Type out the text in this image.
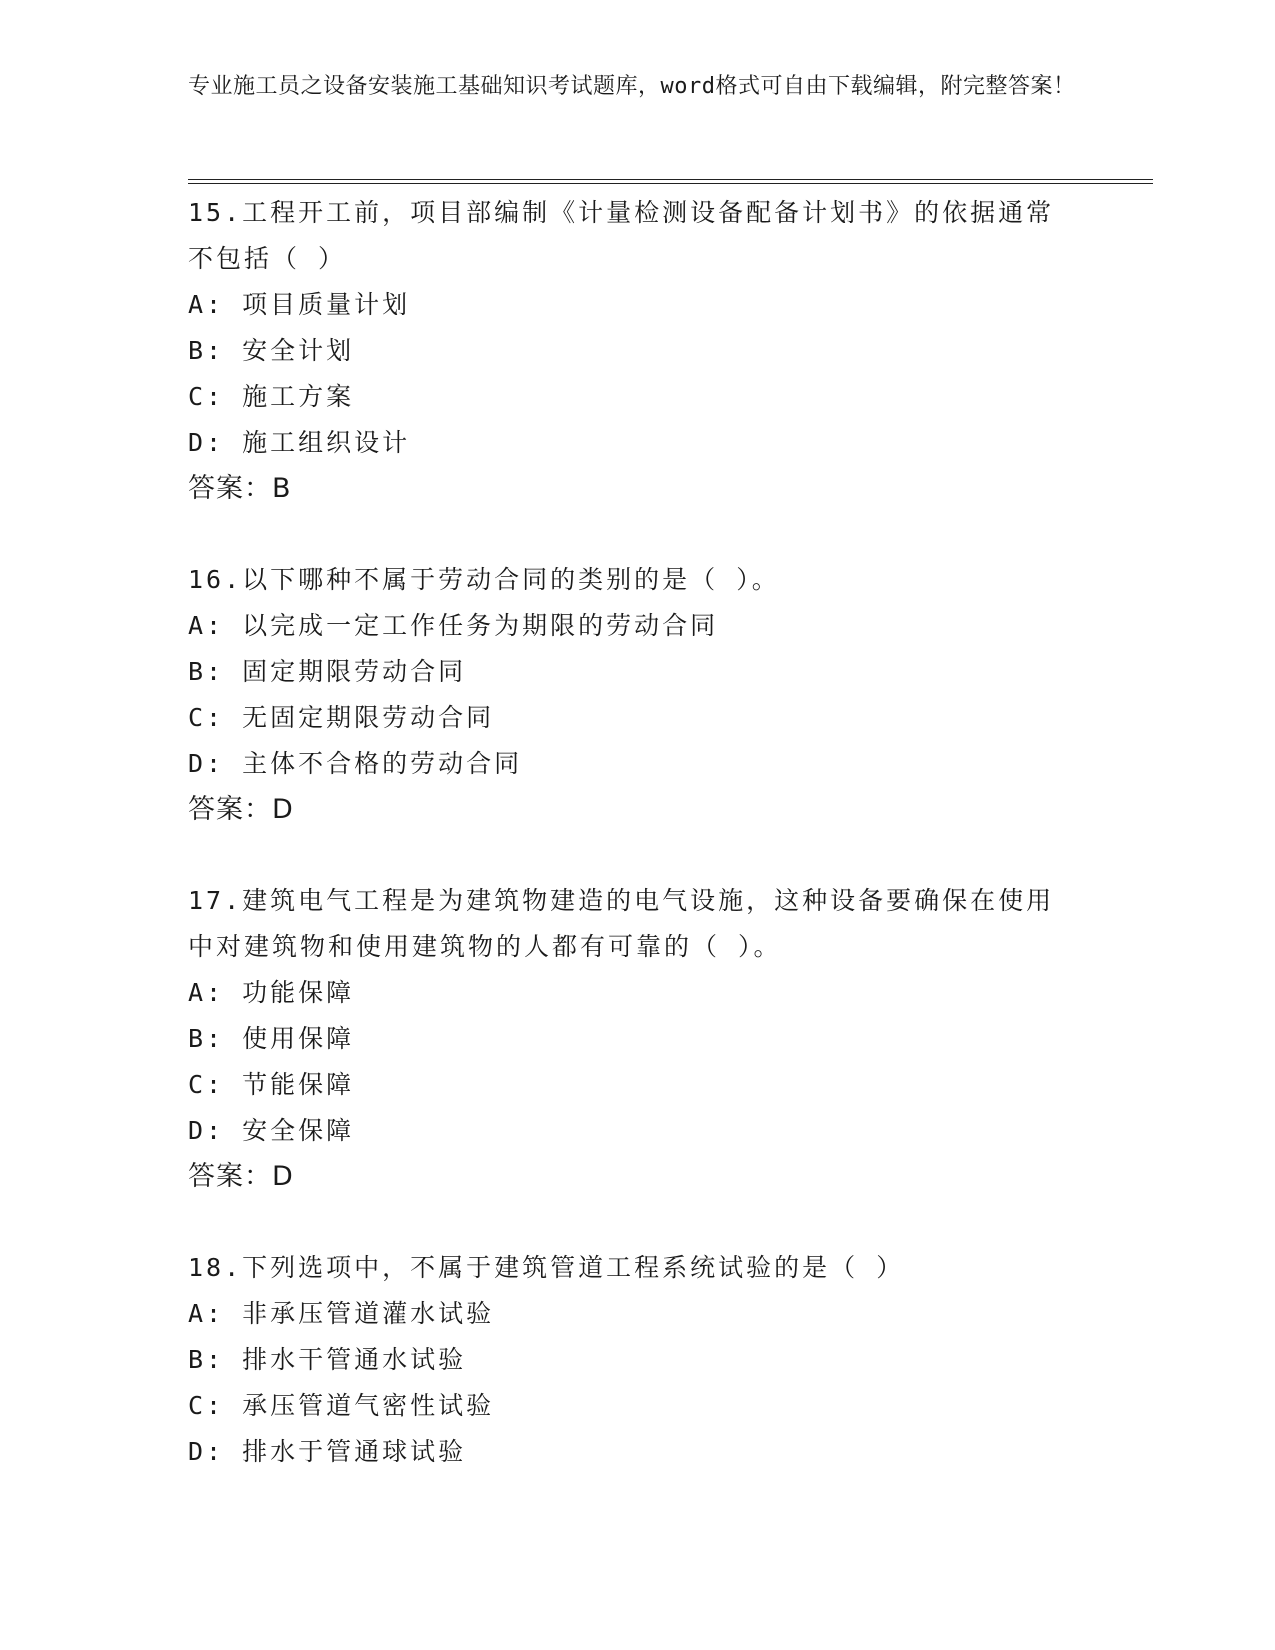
专业施工员之设备安装施工基础知识考试题库，word格式可自由下载编辑，附完整答案！
15.工程开工前，项目部编制《计量检测设备配备计划书》的依据通常不包括（ ）
A: 项目质量计划
B: 安全计划
C: 施工方案
D: 施工组织设计
答案：B
16.以下哪种不属于劳动合同的类别的是（ ）。
A: 以完成一定工作任务为期限的劳动合同
B: 固定期限劳动合同
C: 无固定期限劳动合同
D: 主体不合格的劳动合同
答案：D
17.建筑电气工程是为建筑物建造的电气设施，这种设备要确保在使用中对建筑物和使用建筑物的人都有可靠的（ ）。
A: 功能保障
B: 使用保障
C: 节能保障
D: 安全保障
答案：D
18.下列选项中，不属于建筑管道工程系统试验的是（ ）
A: 非承压管道灌水试验
B: 排水干管通水试验
C: 承压管道气密性试验
D: 排水于管通球试验
